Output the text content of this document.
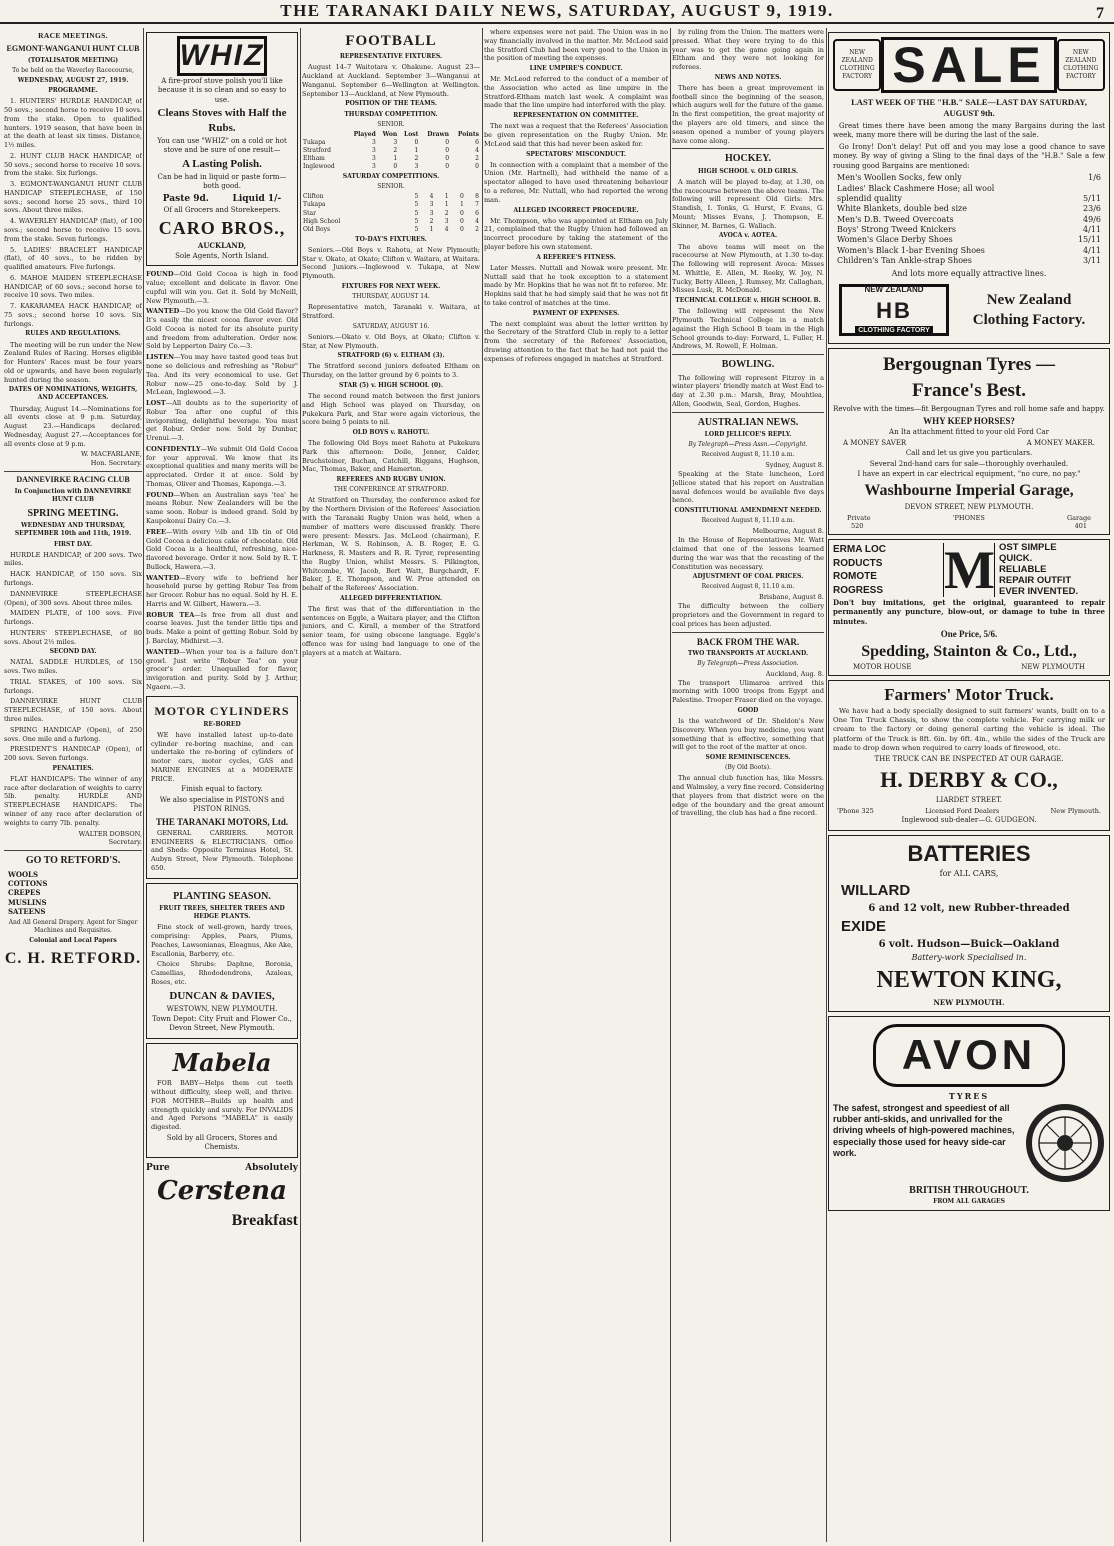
THE TARANAKI DAILY NEWS, SATURDAY, AUGUST 9, 1919.	7
RACE MEETINGS.
EGMONT-WANGANUI HUNT CLUB
(TOTALISATOR MEETING)
To be held on the Waverley Racecourse,
WEDNESDAY, AUGUST 27, 1919.
PROGRAMME.

1. HUNTERS' HURDLE HANDICAP, of 50 sovs.; second horse to receive 10 sovs. from the stake. Open to qualified hunters. 1919 season, that have been in at the death at least six times. Distance, 1½ miles.

2. HUNT CLUB HACK HANDICAP, of 50 sovs.; second horse to receive 10 sovs. from the stake. Six furlongs.

3. EGMONT-WANGANUI HUNT CLUB HANDICAP STEEPLECHASE, of 150 sovs.; second horse 25 sovs., third 10 sovs. About three miles.

4. WAVERLEY HANDICAP (flat), of 100 sovs.; second horse to receive 15 sovs. from the stake. Seven furlongs.

5. LADIES' BRACELET HANDICAP (flat), of 40 sovs., to be ridden by qualified amateurs. Five furlongs.

6. MAHOE MAIDEN STEEPLECHASE HANDICAP, of 60 sovs.; second horse to receive 10 sovs. Two miles.

7. KAKARAMEA HACK HANDICAP, of 75 sovs.; second horse 10 sovs. Six furlongs.

RULES AND REGULATIONS.

The meeting will be run under the New Zealand Rules of Racing. Horses eligible for Hunters' Races must be four years old or upwards, and have been regularly hunted during the season.

DATES OF NOMINATIONS, WEIGHTS, AND ACCEPTANCES.

Thursday, August 14.—Nominations for all events close at 9 p.m. Saturday, August 23.—Handicaps declared. Wednesday, August 27.—Acceptances for all events close at 9 p.m.

W. MACFARLANE,
Hon. Secretary.
DANNEVIRKE RACING CLUB
In Conjunction with DANNEVIRKE HUNT CLUB
SPRING MEETING.
WEDNESDAY AND THURSDAY, SEPTEMBER 10th and 11th, 1919.
FIRST DAY.

HURDLE HANDICAP, of 200 sovs. Two miles.

HACK HANDICAP, of 150 sovs. Six furlongs.

DANNEVIRKE STEEPLECHASE (Open), of 300 sovs. About three miles.

MAIDEN PLATE, of 100 sovs. Five furlongs.

HUNTERS' STEEPLECHASE, of 80 sovs. About 2½ miles.

SECOND DAY.

NATAL SADDLE HURDLES, of 150 sovs. Two miles.

TRIAL STAKES, of 100 sovs. Six furlongs.

DANNEVIRKE HUNT CLUB STEEPLECHASE, of 150 sovs. About three miles.

SPRING HANDICAP (Open), of 250 sovs. One mile and a furlong.

PRESIDENT'S HANDICAP (Open), of 200 sovs. Seven furlongs.

PENALTIES.

FLAT HANDICAPS: The winner of any race after declaration of weights to carry 5lb. penalty. HURDLE AND STEEPLECHASE HANDICAPS: The winner of any race after declaration of weights to carry 7lb. penalty.

WALTER DOBSON,
Secretary.
GO TO RETFORD'S.
WOOLS
COTTONS
CREPES
MUSLINS
SATEENS
And All General Drapery. Agent for Singer Machines and Requisites.
Colonial and Local Papers
C. H. RETFORD.
WHIZ
A fire-proof stove polish you'll like because it is so clean and so easy to use.
Cleans Stoves with Half the Rubs.
You can use "WHIZ" on a cold or hot stove and be sure of one result—
A Lasting Polish.
Can be had in liquid or paste form—both good.
Paste 9d.	Liquid 1/-
Of all Grocers and Storekeepers.
CARO BROS.,
AUCKLAND,
Sole Agents, North Island.

FOUND—Old Gold Cocoa is high in food value; excellent and delicate in flavor. One cupful will win you. Get it. Sold by McNeill, New Plymouth.—3.

WANTED—Do you know the Old Gold flavor? It's easily the nicest cocoa flavor ever. Old Gold Cocoa is noted for its absolute purity and freedom from adulteration. Order now. Sold by Lepperton Dairy Co.—3.

LISTEN—You may have tasted good teas but none so delicious and refreshing as "Robur" Tea. And its very economical to use. Get Robur now—25 one-to-day. Sold by J. McLean, Inglewood.—3.

LOST—All doubts as to the superiority of Robur Tea after one cupful of this invigorating, delightful beverage. You must get Robur. Order now. Sold by Dunbar, Urenui.—3.

CONFIDENTLY—We submit Old Gold Cocoa for your approval. We know that its exceptional qualities and many merits will be appreciated. Order it at once. Sold by Thomas, Oliver and Thomas, Kaponga.—3.

FOUND—When an Australian says 'tea' he means Robur. New Zealanders will be the same soon. Robur is indeed grand. Sold by Kaupokonui Dairy Co.—3.

FREE—With every ½lb and 1lb tin of Old Gold Cocoa a delicious cake of chocolate. Old Gold Cocoa is a healthful, refreshing, nice-flavored beverage. Order it now. Sold by R. T. Bullock, Hawera.—3.

WANTED—Every wife to befriend her household purse by getting Robur Tea from her Grocer. Robur has no equal. Sold by H. E. Harris and W. Gilbert, Hawera.—3.

ROBUR TEA—Is free from all dust and coarse leaves. Just the tender little tips and buds. Make a point of getting Robur. Sold by J. Barclay, Midhirst.—3.

WANTED—When your tea is a failure don't growl. Just write "Robur Tea" on your grocer's order. Unequalled for flavor, invigoration and purity. Sold by J. Arthur, Ngaere.—3.

MOTOR CYLINDERS
RE-BORED

WE have installed latest up-to-date cylinder re-boring machine, and can undertake the re-boring of cylinders of motor cars, motor cycles, GAS and MARINE ENGINES at a MODERATE PRICE.

Finish equal to factory.
We also specialise in PISTONS and PISTON RINGS.
THE TARANAKI MOTORS, Ltd.

GENERAL CARRIERS. MOTOR ENGINEERS & ELECTRICIANS. Office and Sheds: Opposite Terminus Hotel, St. Aubyn Street, New Plymouth. Telephone 650.

PLANTING SEASON.
FRUIT TREES, SHELTER TREES AND HEDGE PLANTS.

Fine stock of well-grown, hardy trees, comprising: Apples, Pears, Plums, Peaches, Lawsonianas, Eleagnus, Ake Ake, Escallonia, Barberry, etc.

Choice Shrubs: Daphne, Boronia, Camellias, Rhododendrons, Azaleas, Roses, etc.

DUNCAN & DAVIES,
WESTOWN, NEW PLYMOUTH.
Town Depot: City Fruit and Flower Co., Devon Street, New Plymouth.
Mabela

FOR BABY—Helps them cut teeth without difficulty, sleep well, and thrive. FOR MOTHER—Builds up health and strength quickly and surely. For INVALIDS and Aged Persons "MABELA" is easily digested.

Sold by all Grocers, Stores and Chemists.
Pure	Absolutely
Cerstena
Breakfast
FOOTBALL
REPRESENTATIVE FIXTURES.

August 14–7 Waitotara v. Ohakune. August 23—Auckland at Auckland. September 3—Wanganui at Wanganui. September 6—Wellington at Wellington. September 13—Auckland, at New Plymouth.

POSITION OF THE TEAMS.
THURSDAY COMPETITION.
SENIOR.
	Played	Won	Lost	Drawn	Points
Tukapa	3	3	0	0	6
Stratford	3	2	1	0	4
Eltham	3	1	2	0	2
Inglewood	3	0	3	0	0
SATURDAY COMPETITIONS.
SENIOR.
Clifton	5	4	1	0	8
Tukapa	5	3	1	1	7
Star	5	3	2	0	6
High School	5	2	3	0	4
Old Boys	5	1	4	0	2
TO-DAY'S FIXTURES.

Seniors.—Old Boys v. Rahotu, at New Plymouth; Star v. Okato, at Okato; Clifton v. Waitara, at Waitara. Second Juniors.—Inglewood v. Tukapa, at New Plymouth.

FIXTURES FOR NEXT WEEK.
THURSDAY, AUGUST 14.

Representative match, Taranaki v. Waitara, at Stratford.

SATURDAY, AUGUST 16.

Seniors.—Okato v. Old Boys, at Okato; Clifton v. Star, at New Plymouth.

STRATFORD (6) v. ELTHAM (3).

The Stratford second juniors defeated Eltham on Thursday, on the latter ground by 6 points to 3.

STAR (5) v. HIGH SCHOOL (0).

The second round match between the first juniors and High School was played on Thursday, on Pukekura Park, and Star were again victorious, the score being 5 points to nil.

OLD BOYS v. RAHOTU.

The following Old Boys meet Rahotu at Pukekura Park this afternoon: Doile, Jenner, Calder, Bruchsteiner, Buchan, Catchill, Riggans, Hughson, Mac, Thomas, Baker, and Hamerton.

REFEREES AND RUGBY UNION.
THE CONFERENCE AT STRATFORD.

At Stratford on Thursday, the conference asked for by the Northern Division of the Referees' Association with the Taranaki Rugby Union was held, when a number of matters were discussed frankly. There were present: Messrs. Jas. McLeod (chairman), F. Herkman, W. S. Robinson, A. B. Roger, E. G. Harkness, R. Masters and R. R. Tyrer, representing the Rugby Union, whilst Messrs. S. Pilkington, Whitcombe, W. Jacob, Bert Watt, Burgchardt, F. Baker, J. E. Thompson, and W. Prue attended on behalf of the Referees' Association.

ALLEGED DIFFERENTIATION.

The first was that of the differentiation in the sentences on Eggle, a Waitara player, and the Clifton juniors, and C. Kirall, a member of the Stratford senior team, for using obscene language. Eggle's offence was for using bad language to one of the players at a match at Waitara.

where expenses were not paid. The Union was in no way financially involved in the matter. Mr. McLeod said the Stratford Club had been very good to the Union in the position of meeting the expenses.

LINE UMPIRE'S CONDUCT.

Mr. McLeod referred to the conduct of a member of the Association who acted as line umpire in the Stratford-Eltham match last week. A complaint was made that the line umpire had interfered with the play.

REPRESENTATION ON COMMITTEE.

The next was a request that the Referees' Association be given representation on the Rugby Union. Mr. McLeod said that this had never been asked for.

SPECTATORS' MISCONDUCT.

In connection with a complaint that a member of the Union (Mr. Hartnell), had withheld the name of a spectator alleged to have used threatening behaviour to a referee, Mr. Nuttall, who had reported the wrong man.

ALLEGED INCORRECT PROCEDURE.

Mr. Thompson, who was appointed at Eltham on July 21, complained that the Rugby Union had followed an incorrect procedure by taking the statement of the player before his own statement.

A REFEREE'S FITNESS.

Later Messrs. Nuttall and Nowak were present. Mr. Nuttall said that he took exception to a statement made by Mr. Hopkins that he was not fit to referee. Mr. Hopkins said that he had simply said that he was not fit to take control of matches at the time.

PAYMENT OF EXPENSES.

The next complaint was about the letter written by the Secretary of the Stratford Club in reply to a letter from the secretary of the Referees' Association, drawing attention to the fact that he had not paid the expenses of referees engaged in matches at Stratford.

by ruling from the Union. The matters were pressed. What they were trying to do this year was to get the game going again in Eltham and they were not looking for referees.

NEWS AND NOTES.

There has been a great improvement in football since the beginning of the season, which augurs well for the future of the game. In the first competition, the great majority of the players are old timers, and since the season opened a number of young players have come along.

HOCKEY.
HIGH SCHOOL v. OLD GIRLS.

A match will be played to-day, at 1.30, on the racecourse between the above teams. The following will represent Old Girls: Mrs. Standish, I. Tonks, G. Hurst, F. Evans, G. Mount; Misses Evans, J. Thompson, E. Skinner, M. Barnes, G. Wallach.

AVOCA v. AOTEA.

The above teams will meet on the racecourse at New Plymouth, at 1.30 to-day. The following will represent Avoca: Misses M. Whittle, E. Allen, M. Reeky, W. Joy, N. Tucky, Betty Alleen, J. Rumsey, Mr. Callaghan, Misses Lusk, R. McDonald.

TECHNICAL COLLEGE v. HIGH SCHOOL B.

The following will represent the New Plymouth Technical College in a match against the High School B team in the High School grounds to-day: Forward, L. Fuller, H. Andrews, M. Rowell, F. Holman.

BOWLING.

The following will represent Fitzroy in a winter players' friendly match at West End to-day at 2.30 p.m.: Marsh, Bray, Mouhtlea, Allen, Goodwin, Seal, Gordon, Hughes.

AUSTRALIAN NEWS.
LORD JELLICOE'S REPLY.
By Telegraph—Press Assn.—Copyright.
Received August 8, 11.10 a.m.
Sydney, August 8.

Speaking at the State luncheon, Lord Jellicoe stated that his report on Australian naval defences would be available five days hence.

CONSTITUTIONAL AMENDMENT NEEDED.
Received August 8, 11.10 a.m.
Melbourne, August 8.

In the House of Representatives Mr. Watt claimed that one of the lessons learned during the war was that the recasting of the Constitution was necessary.

ADJUSTMENT OF COAL PRICES.
Received August 8, 11.10 a.m.
Brisbane, August 8.

The difficulty between the colliery proprietors and the Government in regard to coal prices has been adjusted.

BACK FROM THE WAR.
TWO TRANSPORTS AT AUCKLAND.
By Telegraph—Press Association.
Auckland, Aug. 8.

The transport Ulimaroa arrived this morning with 1000 troops from Egypt and Palestine. Trooper Fraser died on the voyage.

GOOD

Is the watchword of Dr. Sheldon's New Discovery. When you buy medicine, you want something that is effective, something that will get to the root of the matter at once.

SOME REMINISCENCES.
(By Old Boots).

The annual club function has, like Messrs. and Walmsley, a very fine record. Considering that players from that district were on the edge of the boundary and the great amount of travelling, the club has had a fine record.

NEW ZEALAND CLOTHING FACTORY SALE	NEW ZEALAND CLOTHING FACTORY
LAST WEEK OF THE "H.B." SALE—LAST DAY SATURDAY, AUGUST 9th.

Great times there have been among the many Bargains during the last week, many more there will be during the last of the sale.

Go Irony! Don't delay! Put off and you may lose a good chance to save money. By way of giving a Sling to the final days of the "H.B." Sale a few rousing good Bargains are mentioned:

Men's Woollen Socks, few only	1/6
Ladies' Black Cashmere Hose; all wool
splendid quality	5/11
White Blankets, double bed size	23/6
Men's D.B. Tweed Overcoats	49/6
Boys' Strong Tweed Knickers	4/11
Women's Glace Derby Shoes	15/11
Women's Black 1-bar Evening Shoes	4/11
Children's Tan Ankle-strap Shoes	3/11
And lots more equally attractive lines.
NEW ZEALAND
HB
CLOTHING FACTORY
New Zealand Clothing Factory.
Bergougnan Tyres —
France's Best.
Revolve with the times—fit Bergougnan Tyres and roll home safe and happy.
WHY KEEP HORSES?
An Ita attachment fitted to your old Ford Car
A MONEY SAVER	A MONEY MAKER.
Call and let us give you particulars.
Several 2nd-hand cars for sale—thoroughly overhauled.
I have an expert in car electrical equipment, "no cure, no pay."
Washbourne Imperial Garage,
DEVON STREET, NEW PLYMOUTH.
Private	'PHONES	Garage
520	401
ERMA LOC
RODUCTS
ROMOTE
ROGRESS	M OST SIMPLE
QUICK.
RELIABLE
REPAIR OUTFIT
EVER INVENTED.

Don't buy imitations, get the original, guaranteed to repair permanently any puncture, blow-out, or damage to tube in three minutes.

One Price, 5/6.
Spedding, Stainton & Co., Ltd.,
MOTOR HOUSE	NEW PLYMOUTH
Farmers' Motor Truck.

We have had a body specially designed to suit farmers' wants, built on to a One Ton Truck Chassis, to show the complete vehicle. For carrying milk or cream to the factory or doing general carting the vehicle is ideal. The platform of the Truck is 8ft. 6in. by 6ft. 4in., while the sides of the Truck are made to drop down when required to carry loads of firewood, etc.

THE TRUCK CAN BE INSPECTED AT OUR GARAGE.
H. DERBY & CO.,
LIARDET STREET.
'Phone 325	Licensed Ford Dealers	New Plymouth.
Inglewood sub-dealer—G. GUDGEON.
BATTERIES
for ALL CARS,
WILLARD
6 and 12 volt, new Rubber-threaded
EXIDE
6 volt. Hudson—Buick—Oakland
Battery-work Specialised in.
NEWTON KING,
NEW PLYMOUTH.
AVON
TYRES
The safest, strongest and speediest of all rubber anti-skids, and unrivalled for the driving wheels of high-powered machines, especially those used for heavy side-car work.
BRITISH THROUGHOUT.
FROM ALL GARAGES
